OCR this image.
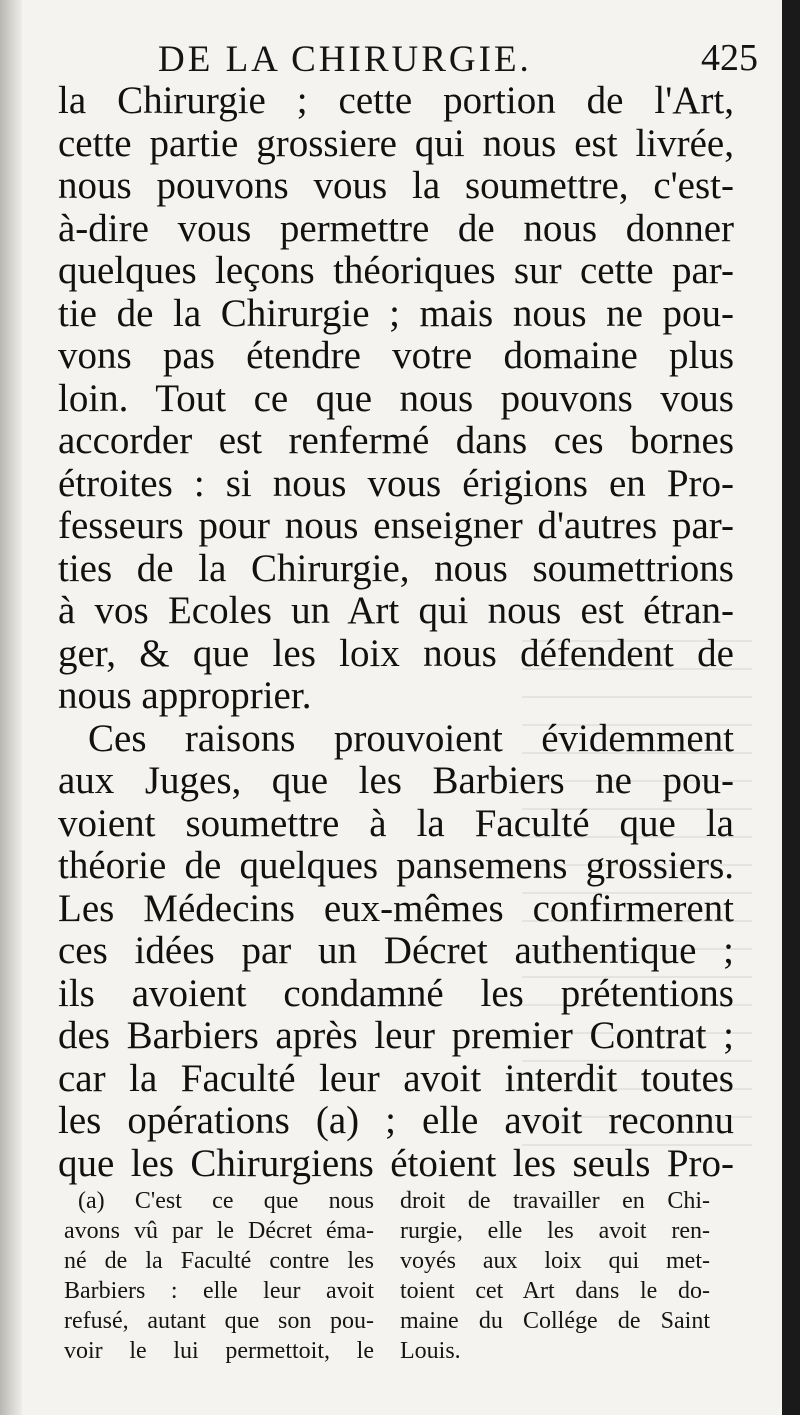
DE LA CHIRURGIE.	425
la Chirurgie ; cette portion de l'Art,
cette partie grossiere qui nous est livrée,
nous pouvons vous la soumettre, c'est-
à-dire vous permettre de nous donner
quelques leçons théoriques sur cette par-
tie de la Chirurgie ; mais nous ne pou-
vons pas étendre votre domaine plus
loin. Tout ce que nous pouvons vous
accorder est renfermé dans ces bornes
étroites : si nous vous érigions en Pro-
fesseurs pour nous enseigner d'autres par-
ties de la Chirurgie, nous soumettrions
à vos Ecoles un Art qui nous est étran-
ger, & que les loix nous défendent de
nous approprier.
Ces raisons prouvoient évidemment
aux Juges, que les Barbiers ne pou-
voient soumettre à la Faculté que la
théorie de quelques pansemens grossiers.
Les Médecins eux-mêmes confirmerent
ces idées par un Décret authentique ;
ils avoient condamné les prétentions
des Barbiers après leur premier Contrat ;
car la Faculté leur avoit interdit toutes
les opérations (a) ; elle avoit reconnu
que les Chirurgiens étoient les seuls Pro-
(a) C'est ce que nous
avons vû par le Décret éma-
né de la Faculté contre les
Barbiers : elle leur avoit
refusé, autant que son pou-
voir le lui permettoit, le
droit de travailler en Chi-
rurgie, elle les avoit ren-
voyés aux loix qui met-
toient cet Art dans le do-
maine du Collége de Saint
Louis.
